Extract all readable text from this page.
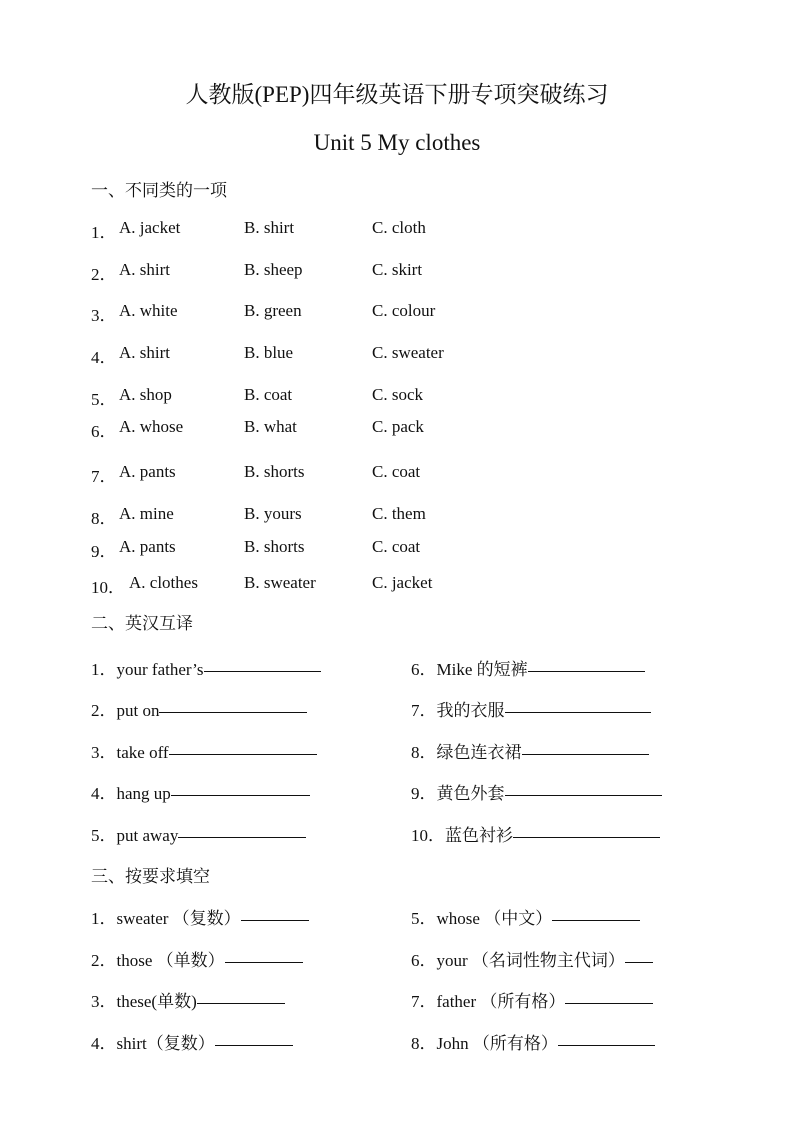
人教版(PEP)四年级英语下册专项突破练习
Unit 5 My clothes
一、不同类的一项
1． A. jacket	B. shirt	C. cloth
2． A. shirt	B. sheep	C. skirt
3． A. white	B. green	C. colour
4． A. shirt	B. blue	C. sweater
5． A. shop	B. coat	C. sock
6． A. whose	B. what	C. pack
7． A. pants	B. shorts	C. coat
8． A. mine	B. yours	C. them
9． A. pants	B. shorts	C. coat
10． A. clothes	B. sweater	C. jacket
二、英汉互译
1．your father’s	6．Mike 的短裤
2．put on	7．我的衣服
3．take off	8．绿色连衣裙
4．hang up	9．黄色外套
5．put away	10．蓝色衬衫
三、按要求填空
1．sweater （复数）	5．whose （中文）
2．those （单数）	6．your （名词性物主代词）
3．these(单数)	7．father （所有格）
4．shirt（复数）	8．John （所有格）
